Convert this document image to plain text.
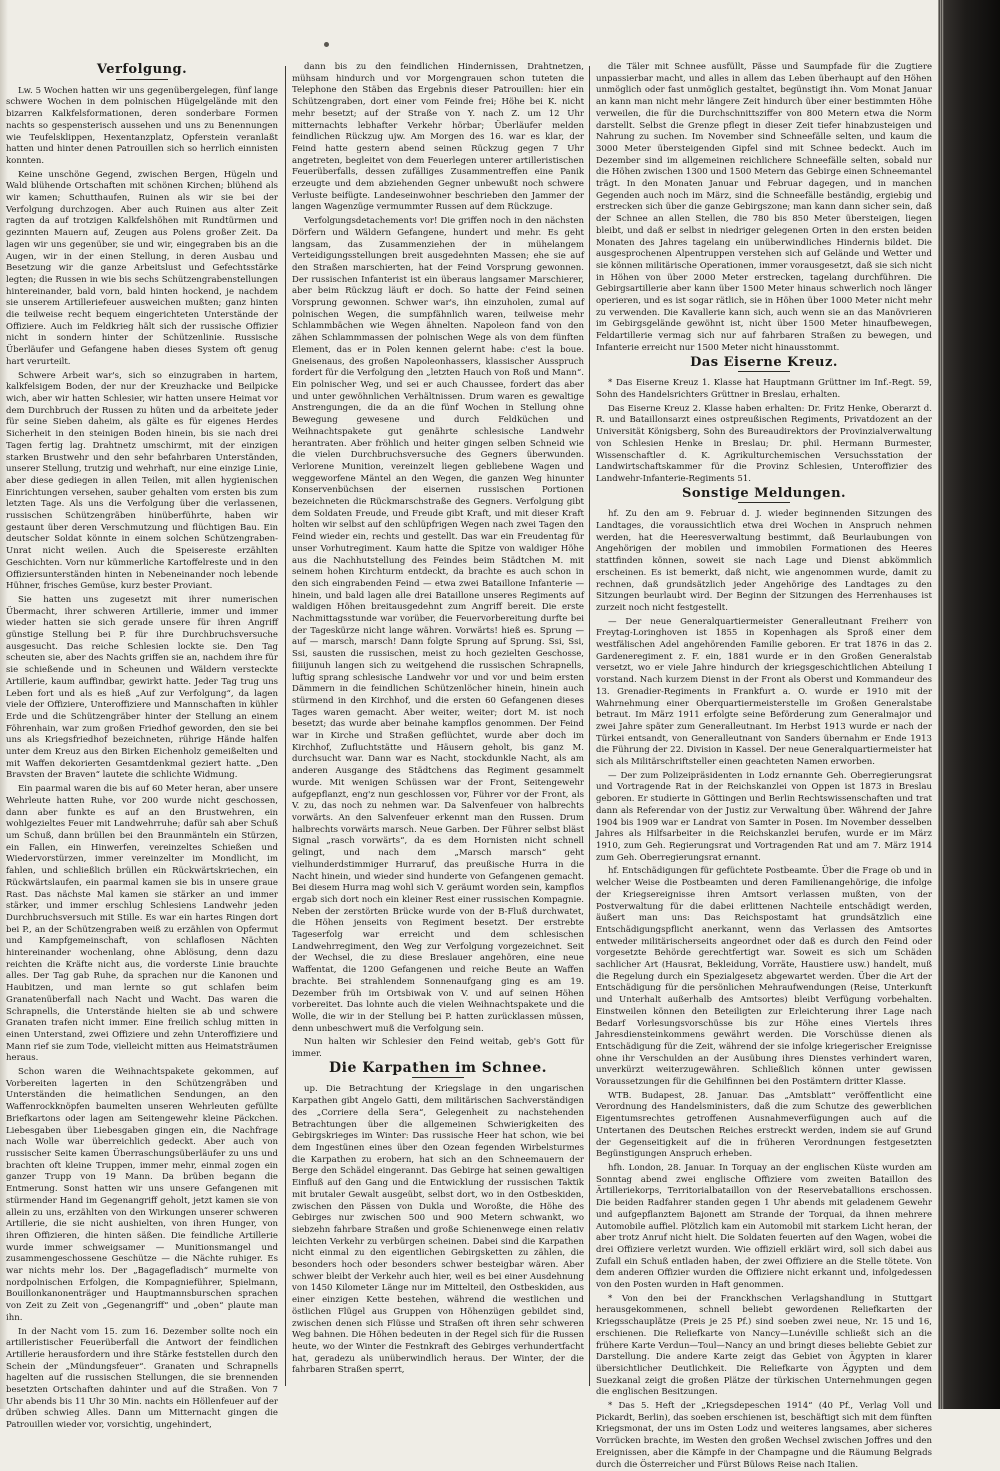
Verfolgung.

Lw. 5 Wochen hatten wir uns gegenübergelegen, fünf lange schwere Wochen in dem polnischen Hügelgelände mit den bizarren Kalkfelsformationen, deren sonderbare Formen nachts so gespensterisch aussehen und uns zu Benennungen wie Teufelsklippen, Hexentanzplatz, Opferstein veranlaßt hatten und hinter denen Patrouillen sich so herrlich einnisten konnten.

Keine unschöne Gegend, zwischen Bergen, Hügeln und Wald blühende Ortschaften mit schönen Kirchen; blühend als wir kamen; Schutthaufen, Ruinen als wir sie bei der Verfolgung durchzogen. Aber auch Ruinen aus alter Zeit ragten da auf trotzigen Kalkfelshöhen mit Rundtürmen und gezinnten Mauern auf, Zeugen aus Polens großer Zeit. Da lagen wir uns gegenüber, sie und wir, eingegraben bis an die Augen, wir in der einen Stellung, in deren Ausbau und Besetzung wir die ganze Arbeitslust und Gefechtsstärke legten; die Russen in wie bis sechs Schützengrabenstellungen hintereinander, bald vorn, bald hinten hockend, je nachdem sie unserem Artilleriefeuer ausweichen mußten; ganz hinten die teilweise recht bequem eingerichteten Unterstände der Offiziere. Auch im Feldkrieg hält sich der russische Offizier nicht in sondern hinter der Schützenlinie. Russische Überläufer und Gefangene haben dieses System oft genug hart verurteilt.

Schwere Arbeit war's, sich so einzugraben in hartem, kalkfelsigem Boden, der nur der Kreuzhacke und Beilpicke wich, aber wir hatten Schlesier, wir hatten unsere Heimat vor dem Durchbruch der Russen zu hüten und da arbeitete jeder für seine Sieben daheim, als gälte es für eigenes Herdes Sicherheit in den steinigen Boden hinein, bis sie nach drei Tagen fertig lag. Drahtnetz umschirmt, mit der einzigen starken Brustwehr und den sehr befahrbaren Unterständen, unserer Stellung, trutzig und wehrhaft, nur eine einzige Linie, aber diese gediegen in allen Teilen, mit allen hygienischen Einrichtungen versehen, sauber gehalten vom ersten bis zum letzten Tage. Als uns die Verfolgung über die verlassenen, russischen Schützengräben hinüberführte, haben wir gestaunt über deren Verschmutzung und flüchtigen Bau. Ein deutscher Soldat könnte in einem solchen Schützengraben-Unrat nicht weilen. Auch die Speisereste erzählten Geschichten. Vorn nur kümmerliche Kartoffelreste und in den Offiziersunterständen hinten in Nebeneinander noch lebende Hühner, frisches Gemüse, kurz bester Proviant.

Sie hatten uns zugesetzt mit ihrer numerischen Übermacht, ihrer schweren Artillerie, immer und immer wieder hatten sie sich gerade unsere für ihren Angriff günstige Stellung bei P. für ihre Durchbruchsversuche ausgesucht. Das reiche Schlesien lockte sie. Den Tag scheuten sie, aber des Nachts griffen sie an, nachdem ihre für sie schießende und in Scheunen und Wäldern versteckte Artillerie, kaum auffindbar, gewirkt hatte. Jeder Tag trug uns Leben fort und als es hieß „Auf zur Verfolgung“, da lagen viele der Offiziere, Unteroffiziere und Mannschaften in kühler Erde und die Schützengräber hinter der Stellung an einem Föhrenhain, war zum großen Friedhof geworden, den sie bei uns als Kriegsfriedhof bezeichneten, rührige Hände halfen unter dem Kreuz aus den Birken Eichenholz gemeißelten und mit Waffen dekorierten Gesamtdenkmal geziert hatte. „Den Bravsten der Braven“ lautete die schlichte Widmung.

Ein paarmal waren die bis auf 60 Meter heran, aber unsere Wehrleute hatten Ruhe, vor 200 wurde nicht geschossen, dann aber funkte es auf an den Brustwehren, ein wohlgezieltes Feuer mit Landwehrruhe; dafür sah aber Schuß um Schuß, dann brüllen bei den Braunmänteln ein Stürzen, ein Fallen, ein Hinwerfen, vereinzeltes Schießen und Wiedervorstürzen, immer vereinzelter im Mondlicht, im fahlen, und schließlich brüllen ein Rückwärtskriechen, ein Rückwärtslaufen, ein paarmal kamen sie bis in unsere graue Rast. Das nächste Mal kamen sie stärker an und immer stärker, und immer erschlug Schlesiens Landwehr jeden Durchbruchsversuch mit Stille. Es war ein hartes Ringen dort bei P., an der Schützengraben weiß zu erzählen von Opfermut und Kampfgemeinschaft, von schlaflosen Nächten hintereinander wochenlang, ohne Ablösung, denn dazu reichten die Kräfte nicht aus, die vorderste Linie brauchte alles. Der Tag gab Ruhe, da sprachen nur die Kanonen und Haubitzen, und man lernte so gut schlafen beim Granatenüberfall nach Nacht und Wacht. Das waren die Schrapnells, die Unterstände hielten sie ab und schwere Granaten trafen nicht immer. Eine freilich schlug mitten in einen Unterstand, zwei Offiziere und zehn Unteroffiziere und Mann rief sie zum Tode, vielleicht mitten aus Heimatsträumen heraus.

Schon waren die Weihnachtspakete gekommen, auf Vorbereiten lagerten in den Schützengräben und Unterständen die heimatlichen Sendungen, an den Waffenrockknöpfen baumelten unseren Wehrleuten gefüllte Briefkartons oder lagen am Seitengewehr kleine Päckchen. Liebesgaben über Liebesgaben gingen ein, die Nachfrage nach Wolle war überreichlich gedeckt. Aber auch von russischer Seite kamen Überraschungsüberläufer zu uns und brachten oft kleine Truppen, immer mehr, einmal zogen ein ganzer Trupp von 19 Mann. Da brüben begann die Entmerung. Sonst hatten wir uns unsere Gefangenen mit stürmender Hand im Gegenangriff geholt, jetzt kamen sie von allein zu uns, erzählten von den Wirkungen unserer schweren Artillerie, die sie nicht aushielten, von ihren Hunger, von ihren Offizieren, die hinten säßen. Die feindliche Artillerie wurde immer schweigsamer — Munitionsmangel und zusammengeschossene Geschütze — die Nächte ruhiger. Es war nichts mehr los. Der „Bagagefladisch“ murmelte von nordpolnischen Erfolgen, die Kompagnieführer, Spielmann, Bouillonkanonenträger und Hauptmannsburschen sprachen von Zeit zu Zeit von „Gegenangriff“ und „oben“ plaute man ihn.

In der Nacht vom 15. zum 16. Dezember sollte noch ein artilleristischer Feuerüberfall die Antwort der feindlichen Artillerie herausfordern und ihre Stärke feststellen durch den Schein der „Mündungsfeuer“. Granaten und Schrapnells hagelten auf die russischen Stellungen, die sie brennenden besetzten Ortschaften dahinter und auf die Straßen. Von 7 Uhr abends bis 11 Uhr 30 Min. nachts ein Höllenfeuer auf der drüben schwieg Alles. Dann um Mitternacht gingen die Patrouillen wieder vor, vorsichtig, ungehindert,

dann bis zu den feindlichen Hindernissen, Drahtnetzen, mühsam hindurch und vor Morgengrauen schon tuteten die Telephone den Stäben das Ergebnis dieser Patrouillen: hier ein Schützengraben, dort einer vom Feinde frei; Höhe bei K. nicht mehr besetzt; auf der Straße von Y. nach Z. um 12 Uhr mitternachts lebhafter Verkehr hörbar; Überläufer melden feindlichen Rückzug ujw. Am Morgen des 16. war es klar, der Feind hatte gestern abend seinen Rückzug gegen 7 Uhr angetreten, begleitet von dem Feuerlegen unterer artilleristischen Feuerüberfalls, dessen zufälliges Zusammentreffen eine Panik erzeugte und dem abziehenden Gegner unbewußt noch schwere Verluste beifügte. Landeseinwohner beschrieben den Jammer der langen Wagenzüge vermummter Russen auf dem Rückzuge.

Verfolgungsdetachements vor! Die griffen noch in den nächsten Dörfern und Wäldern Gefangene, hundert und mehr. Es geht langsam, das Zusammenziehen der in mühelangem Verteidigungsstellungen breit ausgedehnten Massen; ehe sie auf den Straßen marschierten, hat der Feind Vorsprung gewonnen. Der russischen Infanterist ist ein überaus langsamer Marschierer, aber beim Rückzug läuft er doch. So hatte der Feind seinen Vorsprung gewonnen. Schwer war's, ihn einzuholen, zumal auf polnischen Wegen, die sumpfähnlich waren, teilweise mehr Schlammbächen wie Wegen ähnelten. Napoleon fand von den zähen Schlammmassen der polnischen Wege als von dem fünften Element, das er in Polen kennen gelernt habe: c'est la boue. Gneisenaus, des großen Napoleonhassers, klassischer Ausspruch fordert für die Verfolgung den „letzten Hauch von Roß und Mann“. Ein polnischer Weg, und sei er auch Chaussee, fordert das aber und unter gewöhnlichen Verhältnissen. Drum waren es gewaltige Anstrengungen, die da an die fünf Wochen in Stellung ohne Bewegung gewesene und durch Feldküchen und Weihnachtspakete gut genährte schlesische Landwehr herantraten. Aber fröhlich und heiter gingen selben Schneid wie die vielen Durchbruchsversuche des Gegners überwunden. Verlorene Munition, vereinzelt liegen gebliebene Wagen und weggeworfene Mäntel an den Wegen, die ganzen Weg hinunter Konservenbüchsen der eisernen russischen Portionen bezeichneten die Rückmarschstraße des Gegners. Verfolgung gibt dem Soldaten Freude, und Freude gibt Kraft, und mit dieser Kraft holten wir selbst auf den schlüpfrigen Wegen nach zwei Tagen den Feind wieder ein, rechts und gestellt. Das war ein Freudentag für unser Vorhutregiment. Kaum hatte die Spitze von waldiger Höhe aus die Nachhutstellung des Feindes beim Städtchen M. mit seinem hohen Kirchturm entdeckt, da brachte es auch schon in den sich eingrabenden Feind — etwa zwei Bataillone Infanterie — hinein, und bald lagen alle drei Bataillone unseres Regiments auf waldigen Höhen breitausgedehnt zum Angriff bereit. Die erste Nachmittagsstunde war vorüber, die Feuervorbereitung durfte bei der Tageskürze nicht lange währen. Vorwärts! hieß es. Sprung — auf — marsch, marsch! Dann folgte Sprung auf Sprung. Ssi, Ssi, Ssi, sausten die russischen, meist zu hoch gezielten Geschosse, fiiiijunuh langen sich zu weitgehend die russischen Schrapnells, luftig sprang schlesische Landwehr vor und vor und beim ersten Dämmern in die feindlichen Schützenlöcher hinein, hinein auch stürmend in den Kirchhof, und die ersten 60 Gefangenen dieses Tages waren gemacht. Aber weiter, weiter; dort M. ist noch besetzt; das wurde aber beinahe kampflos genommen. Der Feind war in Kirche und Straßen geflüchtet, wurde aber doch im Kirchhof, Zufluchtstätte und Häusern geholt, bis ganz M. durchsucht war. Dann war es Nacht, stockdunkle Nacht, als am anderen Ausgange des Städtchens das Regiment gesammelt wurde. Mit wenigen Schüssen war der Front, Seitengewehr aufgepflanzt, eng'z nun geschlossen vor, Führer vor der Front, als V. zu, das noch zu nehmen war. Da Salvenfeuer von halbrechts vorwärts. An den Salvenfeuer erkennt man den Russen. Drum halbrechts vorwärts marsch. Neue Garben. Der Führer selbst bläst Signal „rasch vorwärts“, da es dem Hornisten nicht schnell gelingt, und nach dem „Marsch marsch“ geht vielhunderdstimmiger Hurraruf, das preußische Hurra in die Nacht hinein, und wieder sind hunderte von Gefangenen gemacht. Bei diesem Hurra mag wohl sich V. geräumt worden sein, kampflos ergab sich dort noch ein kleiner Rest einer russischen Kompagnie. Neben der zerstörten Brücke wurde von der B-Fluß durchwatet, die Höhen jenseits von Regiment besetzt. Der erstrebte Tageserfolg war erreicht und dem schlesischen Landwehrregiment, den Weg zur Verfolgung vorgezeichnet. Seit der Wechsel, die zu diese Breslauer angehören, eine neue Waffentat, die 1200 Gefangenen und reiche Beute an Waffen brachte. Bei strahlendem Sonnenaufgang ging es am 19. Dezember früh im Ortsbiwak von V. und auf seinen Höhen vorbereitet. Das lohnte auch die vielen Weihnachtspakete und die Wolle, die wir in der Stellung bei P. hatten zurücklassen müssen, denn unbeschwert muß die Verfolgung sein.

Nun halten wir Schlesier den Feind weitab, geb's Gott für immer.

Die Karpathen im Schnee.

up. Die Betrachtung der Kriegslage in den ungarischen Karpathen gibt Angelo Gatti, dem militärischen Sachverständigen des „Corriere della Sera“, Gelegenheit zu nachstehenden Betrachtungen über die allgemeinen Schwierigkeiten des Gebirgskrieges im Winter: Das russische Heer hat schon, wie bei dem Ingestünen eines über den Ozean fegenden Wirbelsturmes die Karpathen zu erobern, hat sich an den Schneemauern der Berge den Schädel eingerannt. Das Gebirge hat seinen gewaltigen Einfluß auf den Gang und die Entwicklung der russischen Taktik mit brutaler Gewalt ausgeübt, selbst dort, wo in den Ostbeskiden, zwischen den Pässen von Dukla und Woroßte, die Höhe des Gebirges nur zwischen 500 und 900 Metern schwankt, wo siebzehn fahrbare Straßen und große Schienenwege einen relativ leichten Verkehr zu verbürgen scheinen. Dabei sind die Karpathen nicht einmal zu den eigentlichen Gebirgsketten zu zählen, die besonders hoch oder besonders schwer besteigbar wären. Aber schwer bleibt der Verkehr auch hier, weil es bei einer Ausdehnung von 1450 Kilometer Länge nur im Mittelteil, den Ostbeskiden, aus einer einzigen Kette bestehen, während die westlichen und östlichen Flügel aus Gruppen von Höhenzügen gebildet sind, zwischen denen sich Flüsse und Straßen oft ihren sehr schweren Weg bahnen. Die Höhen bedeuten in der Regel sich für die Russen heute, wo der Winter die Festnkraft des Gebirges verhundertfacht hat, geradezu als unüberwindlich heraus. Der Winter, der die fahrbaren Straßen sperrt,

die Täler mit Schnee ausfüllt, Pässe und Saumpfade für die Zugtiere unpassierbar macht, und alles in allem das Leben überhaupt auf den Höhen unmöglich oder fast unmöglich gestaltet, begünstigt ihn. Vom Monat Januar an kann man nicht mehr längere Zeit hindurch über einer bestimmten Höhe verweilen, die für die Durchschnittsziffer von 800 Metern etwa die Norm darstellt. Selbst die Grenze pflegt in dieser Zeit tiefer hinabzusteigen und Nahrung zu suchen. Im November sind Schneefälle selten, und kaum die 3000 Meter übersteigenden Gipfel sind mit Schnee bedeckt. Auch im Dezember sind im allgemeinen reichlichere Schneefälle selten, sobald nur die Höhen zwischen 1300 und 1500 Metern das Gebirge einen Schneemantel trägt. In den Monaten Januar und Februar dagegen, und in manchen Gegenden auch noch im März, sind die Schneefälle beständig, ergiebig und erstrecken sich über die ganze Gebirgszone; man kann dann sicher sein, daß der Schnee an allen Stellen, die 780 bis 850 Meter übersteigen, liegen bleibt, und daß er selbst in niedriger gelegenen Orten in den ersten beiden Monaten des Jahres tagelang ein unüberwindliches Hindernis bildet. Die ausgesprochenen Alpentruppen verstehen sich auf Gelände und Wetter und sie können militärische Operationen, immer vorausgesetzt, daß sie sich nicht in Höhen von über 2000 Meter erstrecken, tagelang durchführen. Die Gebirgsartillerie aber kann über 1500 Meter hinaus schwerlich noch länger operieren, und es ist sogar rätlich, sie in Höhen über 1000 Meter nicht mehr zu verwenden. Die Kavallerie kann sich, auch wenn sie an das Manövrieren im Gebirgsgelände gewöhnt ist, nicht über 1500 Meter hinaufbewegen, Feldartillerie vermag sich nur auf fahrbaren Straßen zu bewegen, und Infanterie erreicht nur 1500 Meter nicht hinausstommt.

Das Eiserne Kreuz.

* Das Eiserne Kreuz 1. Klasse hat Hauptmann Grüttner im Inf.-Regt. 59, Sohn des Handelsrichters Grüttner in Breslau, erhalten.

Das Eiserne Kreuz 2. Klasse haben erhalten: Dr. Fritz Henke, Oberarzt d. R. und Bataillonsarzt eines ostpreußischen Regiments, Privatdozent an der Universität Königsberg, Sohn des Bureaudirektors der Provinzialverwaltung von Schlesien Henke in Breslau; Dr. phil. Hermann Burmester, Wissenschaftler d. K. Agrikulturchemischen Versuchsstation der Landwirtschaftskammer für die Provinz Schlesien, Unteroffizier des Landwehr-Infanterie-Regiments 51.

Sonstige Meldungen.

hf. Zu den am 9. Februar d. J. wieder beginnenden Sitzungen des Landtages, die voraussichtlich etwa drei Wochen in Anspruch nehmen werden, hat die Heeresverwaltung bestimmt, daß Beurlaubungen von Angehörigen der mobilen und immobilen Formationen des Heeres stattfinden können, soweit sie nach Lage und Dienst abkömmlich erscheinen. Es ist bemerkt, daß nicht, wie angenommen wurde, damit zu rechnen, daß grundsätzlich jeder Angehörige des Landtages zu den Sitzungen beurlaubt wird. Der Beginn der Sitzungen des Herrenhauses ist zurzeit noch nicht festgestellt.

— Der neue Generalquartiermeister Generalleutnant Freiherr von Freytag-Loringhoven ist 1855 in Kopenhagen als Sproß einer dem westfälischen Adel angehörenden Familie geboren. Er trat 1876 in das 2. Gardeneregiment z. F. ein, 1881 wurde er in den Großen Generalstab versetzt, wo er viele Jahre hindurch der kriegsgeschichtlichen Abteilung I vorstand. Nach kurzem Dienst in der Front als Oberst und Kommandeur des 13. Grenadier-Regiments in Frankfurt a. O. wurde er 1910 mit der Wahrnehmung einer Oberquartiermeisterstelle im Großen Generalstabe betraut. Im März 1911 erfolgte seine Beförderung zum Generalmajor und zwei Jahre später zum Generalleutnant. Im Herbst 1913 wurde er nach der Türkei entsandt, von Generalleutnant von Sanders übernahm er Ende 1913 die Führung der 22. Division in Kassel. Der neue Generalquartiermeister hat sich als Militärschriftsteller einen geachteten Namen erworben.

— Der zum Polizeipräsidenten in Lodz ernannte Geh. Oberregierungsrat und Vortragende Rat in der Reichskanzlei von Oppen ist 1873 in Breslau geboren. Er studierte in Göttingen und Berlin Rechtswissenschaften und trat dann als Referendar von der Justiz zur Verwaltung über. Während der Jahre 1904 bis 1909 war er Landrat von Samter in Posen. Im November desselben Jahres als Hilfsarbeiter in die Reichskanzlei berufen, wurde er im März 1910, zum Geh. Regierungsrat und Vortragenden Rat und am 7. März 1914 zum Geh. Oberregierungsrat ernannt.

hf. Entschädigungen für gefüchtete Postbeamte. Über die Frage ob und in welcher Weise die Postbeamten und deren Familienangehörige, die infolge der Kriegsereignisse ihren Amtsort verlassen mußten, von der Postverwaltung für die dabei erlittenen Nachteile entschädigt werden, äußert man uns: Das Reichspostamt hat grundsätzlich eine Entschädigungspflicht anerkannt, wenn das Verlassen des Amtsortes entweder militärischerseits angeordnet oder daß es durch den Feind oder vorgesetzte Behörde gerechtfertigt war. Soweit es sich um Schäden sachlicher Art (Hausrat, Bekleidung, Vorräte, Haustiere usw.) handelt, muß die Regelung durch ein Spezialgesetz abgewartet werden. Über die Art der Entschädigung für die persönlichen Mehraufwendungen (Reise, Unterkunft und Unterhalt außerhalb des Amtsortes) bleibt Verfügung vorbehalten. Einstweilen können den Beteiligten zur Erleichterung ihrer Lage nach Bedarf Vorlesungsvorschüsse bis zur Höhe eines Viertels ihres Jahresdiensteinkommens gewährt werden. Die Vorschüsse dienen als Entschädigung für die Zeit, während der sie infolge kriegerischer Ereignisse ohne ihr Verschulden an der Ausübung ihres Dienstes verhindert waren, unverkürzt weiterzugewähren. Schließlich können unter gewissen Voraussetzungen für die Gehilfinnen bei den Postämtern dritter Klasse.

WTB. Budapest, 28. Januar. Das „Amtsblatt“ veröffentlicht eine Verordnung des Handelsministers, daß die zum Schutze des gewerblichen Eigentumsrechtes getroffenen Ausnahmeverfügungen auch auf die Untertanen des Deutschen Reiches erstreckt werden, indem sie auf Grund der Gegenseitigkeit auf die in früheren Verordnungen festgesetzten Begünstigungen Anspruch erheben.

hfh. London, 28. Januar. In Torquay an der englischen Küste wurden am Sonntag abend zwei englische Offiziere vom zweiten Bataillon des Ärtilleriekorps, Territorialbataillon von der Reservebatallions erschossen. Die beiden Radfahrer standen gegen 1 Uhr abends mit geladenem Gewehr und aufgepflanztem Bajonett am Strande der Torquai, da ihnen mehrere Automobile auffiel. Plötzlich kam ein Automobil mit starkem Licht heran, der aber trotz Anruf nicht hielt. Die Soldaten feuerten auf den Wagen, wobei die drei Offiziere verletzt wurden. Wie offiziell erklärt wird, soll sich dabei aus Zufall ein Schuß entladen haben, der zwei Offiziere an die Stelle tötete. Von dem anderen Offizier wurden die Offiziere nicht erkannt und, infolgedessen von den Posten wurden in Haft genommen.

* Von den bei der Franckhschen Verlagshandlung in Stuttgart herausgekommenen, schnell beliebt gewordenen Reliefkarten der Kriegsschauplätze (Preis je 25 Pf.) sind soeben zwei neue, Nr. 15 und 16, erschienen. Die Reliefkarte von Nancy—Lunéville schließt sich an die frühere Karte Verdun—Toul—Nancy an und bringt dieses beliebte Gebiet zur Darstellung. Die andere Karte zeigt das Gebiet von Ägypten in klarer übersichtlicher Deutlichkeit. Die Reliefkarte von Ägypten und dem Suezkanal zeigt die großen Plätze der türkischen Unternehmungen gegen die englischen Besitzungen.

* Das 5. Heft der „Kriegsdepeschen 1914“ (40 Pf., Verlag Voll und Pickardt, Berlin), das soeben erschienen ist, beschäftigt sich mit dem fünften Kriegsmonat, der uns im Osten Lodz und weiteres langsames, aber sicheres Vorrücken brachte, im Westen den großen Wechsel zwischen Joffres und den Ereignissen, aber die Kämpfe in der Champagne und die Räumung Belgrads durch die Österreicher und Fürst Bülows Reise nach Italien.
